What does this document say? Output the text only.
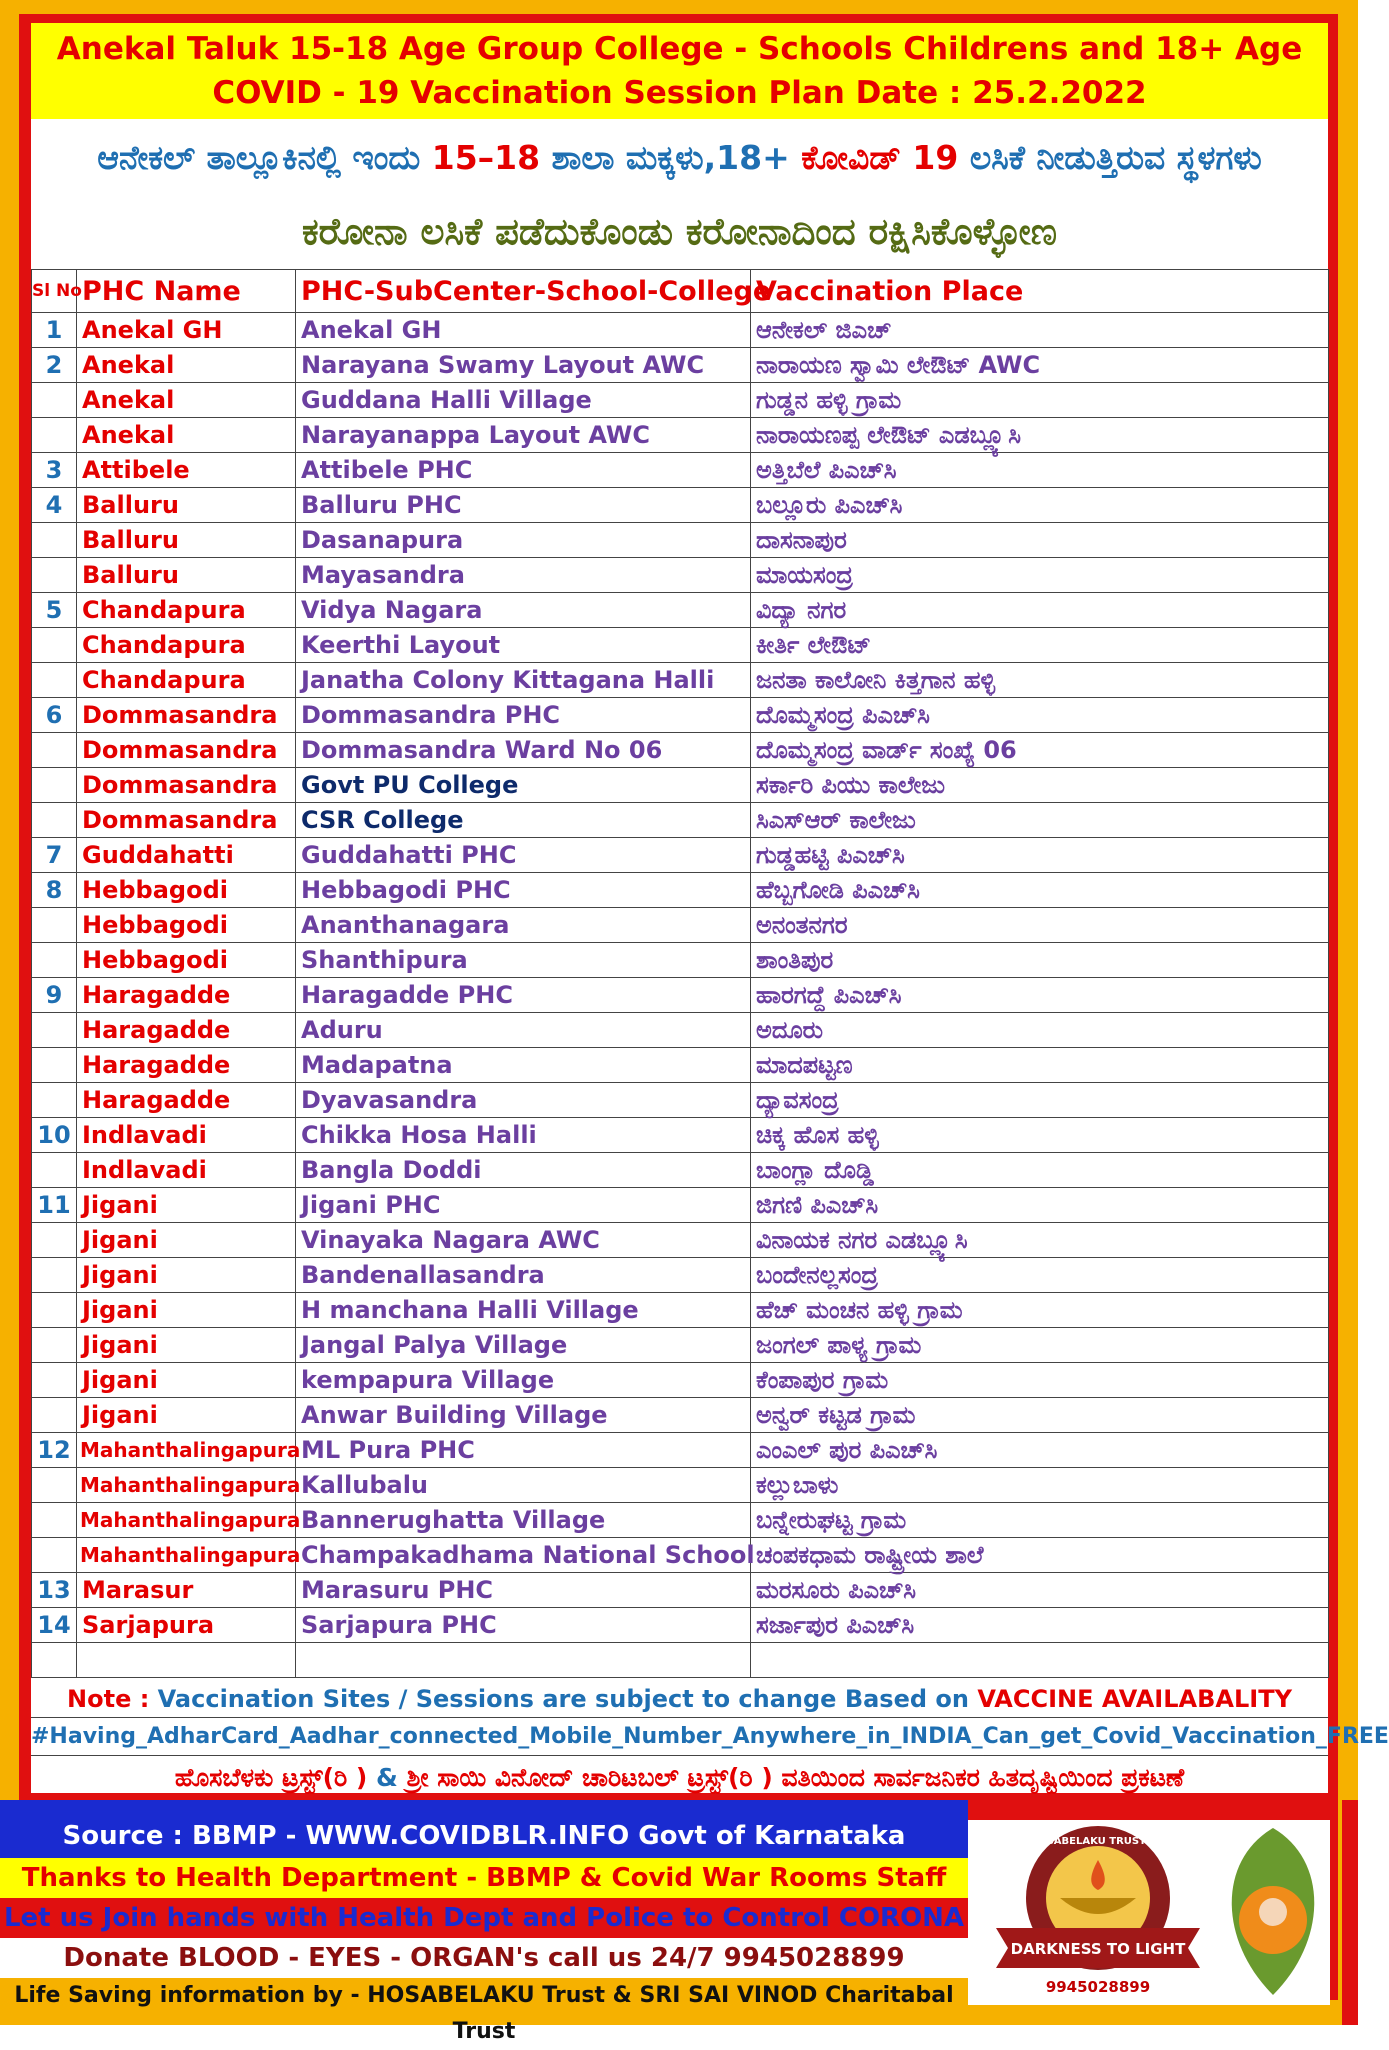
Anekal Taluk 15-18 Age Group College - Schools Childrens and 18+ Age
COVID - 19 Vaccination Session Plan Date : 25.2.2022
ಆನೇಕಲ್ ತಾಲ್ಲೂಕಿನಲ್ಲಿ ಇಂದು 15–18 ಶಾಲಾ ಮಕ್ಕಳು,18+ ಕೋವಿಡ್ 19 ಲಸಿಕೆ ನೀಡುತ್ತಿರುವ ಸ್ಥಳಗಳು
ಕರೋನಾ ಲಸಿಕೆ ಪಡೆದುಕೊಂಡು ಕರೋನಾದಿಂದ ರಕ್ಷಿಸಿಕೊಳ್ಳೋಣ
Sl No	PHC Name	PHC-SubCenter-School-College	Vaccination Place
1	Anekal GH	Anekal GH	ಆನೇಕಲ್ ಜಿಎಚ್
2	Anekal	Narayana Swamy Layout AWC	ನಾರಾಯಣ ಸ್ವಾಮಿ ಲೇಔಟ್ AWC
	Anekal	Guddana Halli Village	ಗುಡ್ಡನ ಹಳ್ಳಿ ಗ್ರಾಮ
	Anekal	Narayanappa Layout AWC	ನಾರಾಯಣಪ್ಪ ಲೇಔಟ್ ಎಡಬ್ಲ್ಯೂಸಿ
3	Attibele	Attibele PHC	ಅತ್ತಿಬೆಲೆ ಪಿಎಚ್‌ಸಿ
4	Balluru	Balluru PHC	ಬಲ್ಲೂರು ಪಿಎಚ್‌ಸಿ
	Balluru	Dasanapura	ದಾಸನಾಪುರ
	Balluru	Mayasandra	ಮಾಯಸಂದ್ರ
5	Chandapura	Vidya Nagara	ವಿದ್ಯಾ ನಗರ
	Chandapura	Keerthi Layout	ಕೀರ್ತಿ ಲೇಔಟ್
	Chandapura	Janatha Colony Kittagana Halli	ಜನತಾ ಕಾಲೋನಿ ಕಿತ್ತಗಾನ ಹಳ್ಳಿ
6	Dommasandra	Dommasandra PHC	ದೊಮ್ಮಸಂದ್ರ ಪಿಎಚ್‌ಸಿ
	Dommasandra	Dommasandra Ward No 06	ದೊಮ್ಮಸಂದ್ರ ವಾರ್ಡ್ ಸಂಖ್ಯೆ 06
	Dommasandra	Govt PU College	ಸರ್ಕಾರಿ ಪಿಯು ಕಾಲೇಜು
	Dommasandra	CSR College	ಸಿಎಸ್ಆರ್ ಕಾಲೇಜು
7	Guddahatti	Guddahatti PHC	ಗುಡ್ಡಹಟ್ಟಿ ಪಿಎಚ್‌ಸಿ
8	Hebbagodi	Hebbagodi PHC	ಹೆಬ್ಬಗೋಡಿ ಪಿಎಚ್‌ಸಿ
	Hebbagodi	Ananthanagara	ಅನಂತನಗರ
	Hebbagodi	Shanthipura	ಶಾಂತಿಪುರ
9	Haragadde	Haragadde PHC	ಹಾರಗದ್ದೆ ಪಿಎಚ್‌ಸಿ
	Haragadde	Aduru	ಅದೂರು
	Haragadde	Madapatna	ಮಾದಪಟ್ಟಣ
	Haragadde	Dyavasandra	ದ್ಯಾವಸಂದ್ರ
10	Indlavadi	Chikka Hosa Halli	ಚಿಕ್ಕ ಹೊಸ ಹಳ್ಳಿ
	Indlavadi	Bangla Doddi	ಬಾಂಗ್ಲಾ ದೊಡ್ಡಿ
11	Jigani	Jigani PHC	ಜಿಗಣಿ ಪಿಎಚ್‌ಸಿ
	Jigani	Vinayaka Nagara AWC	ವಿನಾಯಕ ನಗರ ಎಡಬ್ಲ್ಯೂಸಿ
	Jigani	Bandenallasandra	ಬಂದೇನಲ್ಲಸಂದ್ರ
	Jigani	H manchana Halli Village	ಹೆಚ್ ಮಂಚನ ಹಳ್ಳಿ ಗ್ರಾಮ
	Jigani	Jangal Palya Village	ಜಂಗಲ್ ಪಾಳ್ಯ ಗ್ರಾಮ
	Jigani	kempapura Village	ಕೆಂಪಾಪುರ ಗ್ರಾಮ
	Jigani	Anwar Building Village	ಅನ್ವರ್ ಕಟ್ಟಡ ಗ್ರಾಮ
12	Mahanthalingapura	ML Pura PHC	ಎಂಎಲ್ ಪುರ ಪಿಎಚ್‌ಸಿ
	Mahanthalingapura	Kallubalu	ಕಲ್ಲುಬಾಳು
	Mahanthalingapura	Bannerughatta Village	ಬನ್ನೇರುಘಟ್ಟ ಗ್ರಾಮ
	Mahanthalingapura	Champakadhama National School	ಚಂಪಕಧಾಮ ರಾಷ್ಟ್ರೀಯ ಶಾಲೆ
13	Marasur	Marasuru PHC	ಮರಸೂರು ಪಿಎಚ್‌ಸಿ
14	Sarjapura	Sarjapura PHC	ಸರ್ಜಾಪುರ ಪಿಎಚ್‌ಸಿ

Note : Vaccination Sites / Sessions are subject to change Based on VACCINE AVAILABALITY
#Having_AdharCard_Aadhar_connected_Mobile_Number_Anywhere_in_INDIA_Can_get_Covid_Vaccination_FREE
ಹೊಸಬೆಳಕು ಟ್ರಸ್ಟ್(ರಿ ) & ಶ್ರೀ ಸಾಯಿ ವಿನೋದ್ ಚಾರಿಟಬಲ್ ಟ್ರಸ್ಟ್(ರಿ ) ವತಿಯಿಂದ ಸಾರ್ವಜನಿಕರ ಹಿತದೃಷ್ಟಿಯಿಂದ ಪ್ರಕಟಣೆ
Source : BBMP - WWW.COVIDBLR.INFO Govt of Karnataka
Thanks to Health Department - BBMP & Covid War Rooms Staff
Let us Join hands with Health Dept and Police to Control CORONA
Donate BLOOD - EYES - ORGAN's call us 24/7 9945028899
Life Saving information by - HOSABELAKU Trust & SRI SAI VINOD Charitabal Trust
DARKNESS TO LIGHT
9945028899
HOSABELAKU TRUST (R)
